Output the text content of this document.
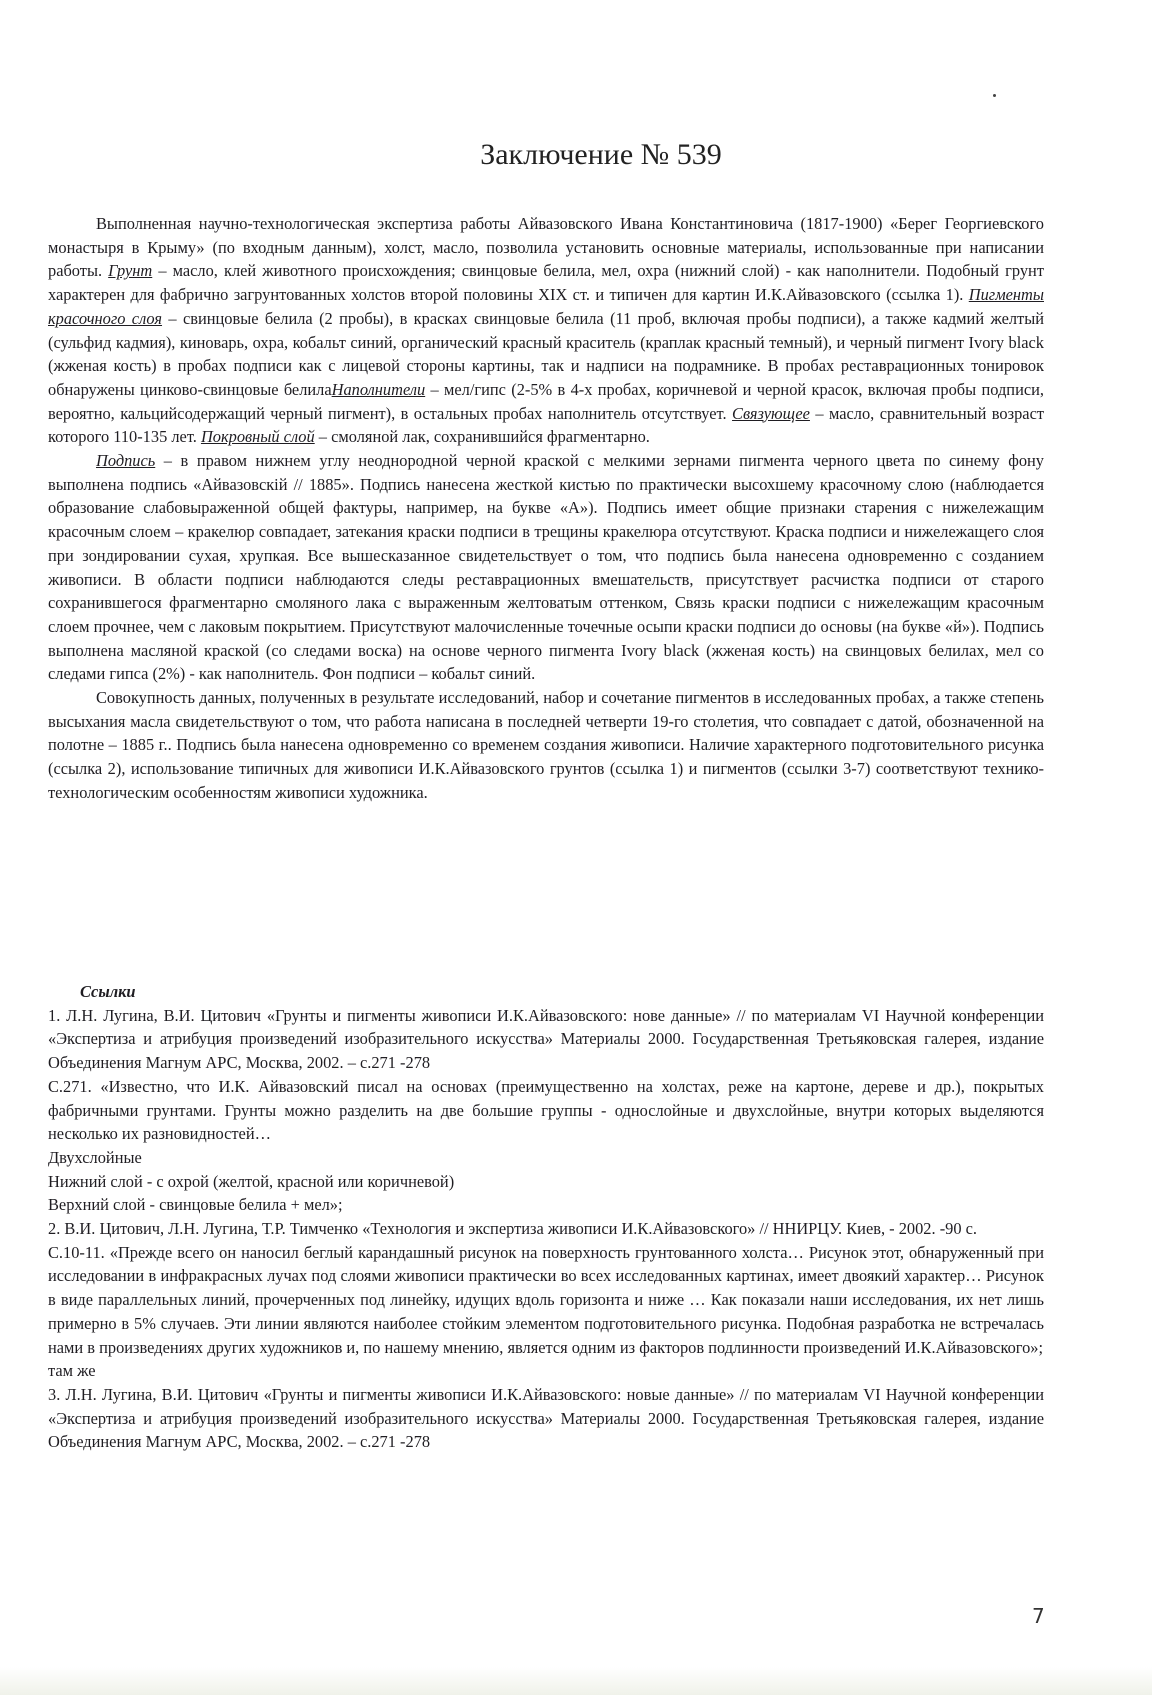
Заключение № 539

Выполненная научно-технологическая экспертиза работы Айвазовского Ивана Константиновича (1817-1900) «Берег Георгиевского монастыря в Крыму» (по входным данным), холст, масло, позволила установить основные материалы, использованные при написании работы. Грунт – масло, клей животного происхождения; свинцовые белила, мел, охра (нижний слой) - как наполнители. Подобный грунт характерен для фабрично загрунтованных холстов второй половины XIX ст. и типичен для картин И.К.Айвазовского (ссылка 1). Пигменты красочного слоя – свинцовые белила (2 пробы), в красках свинцовые белила (11 проб, включая пробы подписи), а также кадмий желтый (сульфид кадмия), киноварь, охра, кобальт синий, органический красный краситель (краплак красный темный), и черный пигмент Ivory black (жженая кость) в пробах подписи как с лицевой стороны картины, так и надписи на подрамнике. В пробах реставрационных тонировок обнаружены цинково-свинцовые белилаНаполнители – мел/гипс (2-5% в 4-х пробах, коричневой и черной красок, включая пробы подписи, вероятно, кальцийсодержащий черный пигмент), в остальных пробах наполнитель отсутствует. Связующее – масло, сравнительный возраст которого 110-135 лет. Покровный слой – смоляной лак, сохранившийся фрагментарно.

Подпись – в правом нижнем углу неоднородной черной краской с мелкими зернами пигмента черного цвета по синему фону выполнена подпись «Айвазовскiй // 1885». Подпись нанесена жесткой кистью по практически высохшему красочному слою (наблюдается образование слабовыраженной общей фактуры, например, на букве «А»). Подпись имеет общие признаки старения с нижележащим красочным слоем – кракелюр совпадает, затекания краски подписи в трещины кракелюра отсутствуют. Краска подписи и нижележащего слоя при зондировании сухая, хрупкая. Все вышесказанное свидетельствует о том, что подпись была нанесена одновременно с созданием живописи. В области подписи наблюдаются следы реставрационных вмешательств, присутствует расчистка подписи от старого сохранившегося фрагментарно смоляного лака с выраженным желтоватым оттенком, Связь краски подписи с нижележащим красочным слоем прочнее, чем с лаковым покрытием. Присутствуют малочисленные точечные осыпи краски подписи до основы (на букве «й»). Подпись выполнена масляной краской (со следами воска) на основе черного пигмента Ivory black (жженая кость) на свинцовых белилах, мел со следами гипса (2%) - как наполнитель. Фон подписи – кобальт синий.

Совокупность данных, полученных в результате исследований, набор и сочетание пигментов в исследованных пробах, а также степень высыхания масла свидетельствуют о том, что работа написана в последней четверти 19-го столетия, что совпадает с датой, обозначенной на полотне – 1885 г.. Подпись была нанесена одновременно со временем создания живописи. Наличие характерного подготовительного рисунка (ссылка 2), использование типичных для живописи И.К.Айвазовского грунтов (ссылка 1) и пигментов (ссылки 3-7) соответствуют технико-технологическим особенностям живописи художника.

Ссылки

1. Л.Н. Лугина, В.И. Цитович «Грунты и пигменты живописи И.К.Айвазовского: нове данные» // по материалам VI Научной конференции «Экспертиза и атрибуция произведений изобразительного искусства» Материалы 2000. Государственная Третьяковская галерея, издание Объединения Магнум АРС, Москва, 2002. – с.271 -278

С.271. «Известно, что И.К. Айвазовский писал на основах (преимущественно на холстах, реже на картоне, дереве и др.), покрытых фабричными грунтами. Грунты можно разделить на две большие группы - однослойные и двухслойные, внутри которых выделяются несколько их разновидностей…

Двухслойные

Нижний слой - с охрой (желтой, красной или коричневой)

Верхний слой - свинцовые белила + мел»;

2. В.И. Цитович, Л.Н. Лугина, Т.Р. Тимченко «Технология и экспертиза живописи И.К.Айвазовского» // ННИРЦУ. Киев, - 2002. -90 с.

С.10-11. «Прежде всего он наносил беглый карандашный рисунок на поверхность грунтованного холста… Рисунок этот, обнаруженный при исследовании в инфракрасных лучах под слоями живописи практически во всех исследованных картинах, имеет двоякий характер… Рисунок в виде параллельных линий, прочерченных под линейку, идущих вдоль горизонта и ниже … Как показали наши исследования, их нет лишь примерно в 5% случаев. Эти линии являются наиболее стойким элементом подготовительного рисунка. Подобная разработка не встречалась нами в произведениях других художников и, по нашему мнению, является одним из факторов подлинности произведений И.К.Айвазовского»;

там же

3. Л.Н. Лугина, В.И. Цитович «Грунты и пигменты живописи И.К.Айвазовского: новые данные» // по материалам VI Научной конференции «Экспертиза и атрибуция произведений изобразительного искусства» Материалы 2000. Государственная Третьяковская галерея, издание Объединения Магнум АРС, Москва, 2002. – с.271 -278

7
